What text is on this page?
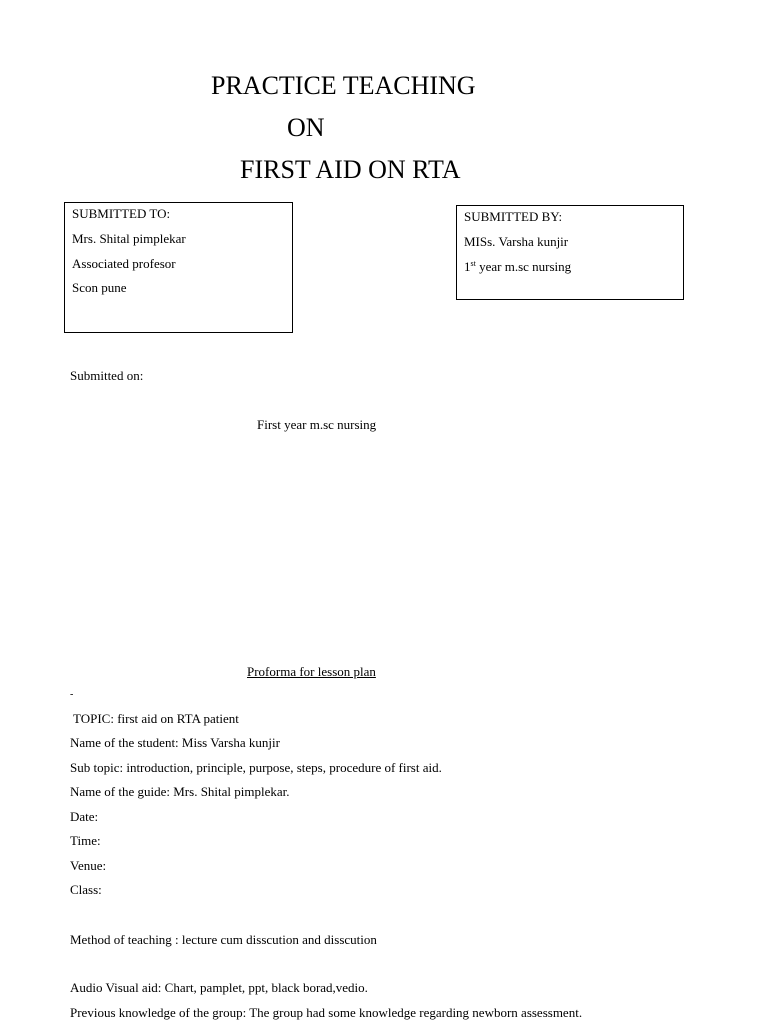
PRACTICE TEACHING
ON
FIRST AID ON RTA
SUBMITTED TO:
Mrs. Shital pimplekar
Associated profesor
Scon pune
SUBMITTED BY:
MISs. Varsha kunjir
1st year m.sc nursing
Submitted on:
First year m.sc nursing
Proforma for lesson plan
-
TOPIC: first aid on RTA patient
Name of the student: Miss Varsha kunjir
Sub topic: introduction, principle, purpose, steps, procedure of first aid.
Name of the guide: Mrs. Shital pimplekar.
Date:
Time:
Venue:
Class:
Method of teaching : lecture cum disscution and disscution
Audio Visual aid: Chart, pamplet, ppt, black borad,vedio.
Previous knowledge of the group: The group had some knowledge regarding newborn assessment.
